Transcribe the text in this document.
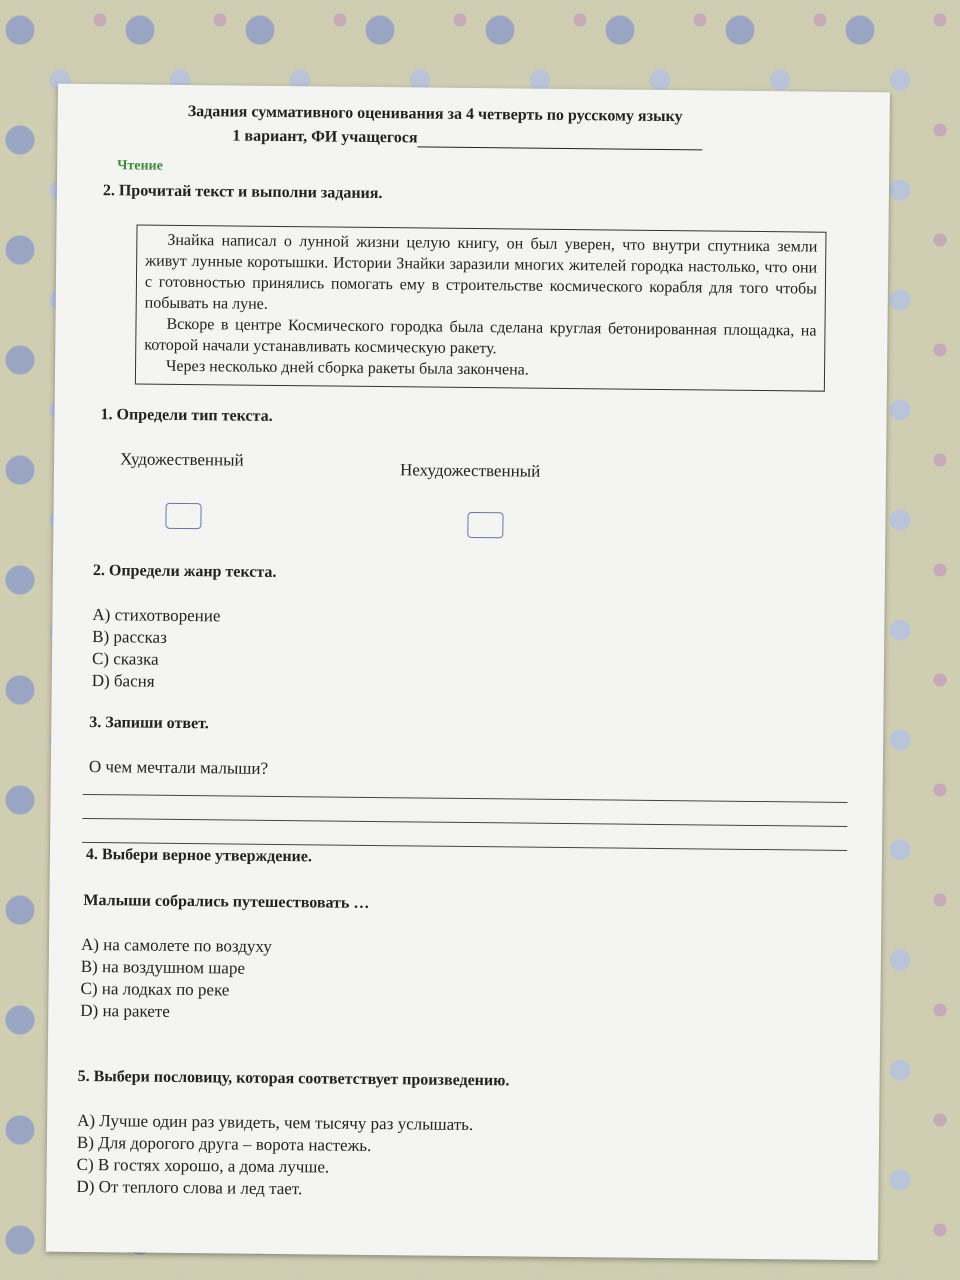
Задания суммативного оценивания за 4 четверть по русскому языку
1 вариант, ФИ учащегося
Чтение
2. Прочитай текст и выполни задания.

Знайка написал о лунной жизни целую книгу, он был уверен, что внутри спутника земли живут лунные коротышки. Истории Знайки заразили многих жителей городка настолько, что они с готовностью принялись помогать ему в строительстве космического корабля для того чтобы побывать на луне.

Вскоре в центре Космического городка была сделана круглая бетонированная площадка, на которой начали устанавливать космическую ракету.

Через несколько дней сборка ракеты была закончена.

1. Определи тип текста.
Художественный
Нехудожественный
2. Определи жанр текста.
A) стихотворение
B) рассказ
C) сказка
D) басня
3. Запиши ответ.
О чем мечтали малыши?
4. Выбери верное утверждение.
Малыши собрались путешествовать …
A) на самолете по воздуху
B) на воздушном шаре
C) на лодках по реке
D) на ракете
5. Выбери пословицу, которая соответствует произведению.
A) Лучше один раз увидеть, чем тысячу раз услышать.
B) Для дорогого друга – ворота настежь.
C) В гостях хорошо, а дома лучше.
D) От теплого слова и лед тает.
